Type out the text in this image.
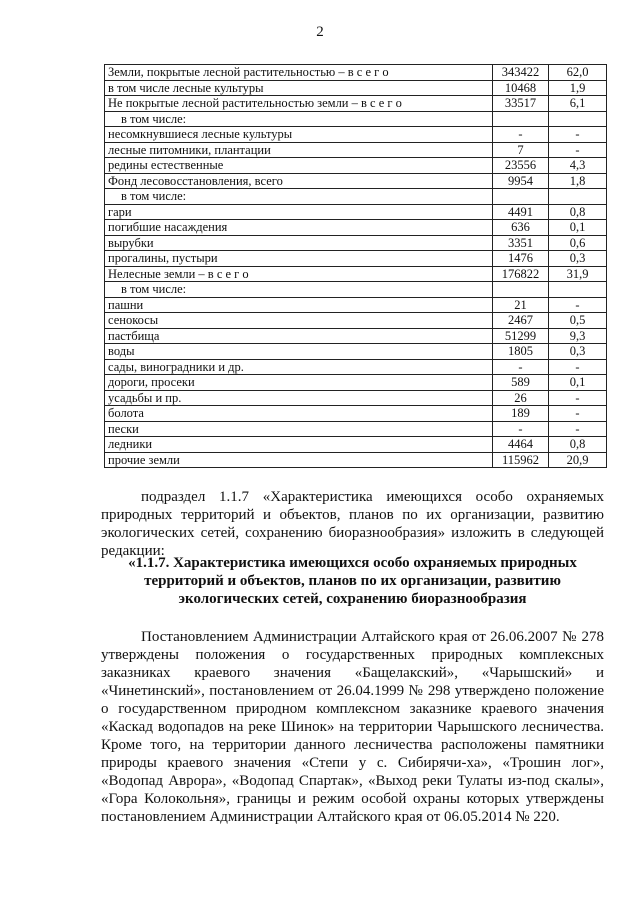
2
Земли, покрытые лесной растительностью – в с е г о	343422	62,0
в том числе лесные культуры	10468	1,9
Не покрытые лесной растительностью земли – в с е г о	33517	6,1
в том числе:		
несомкнувшиеся лесные культуры	-	-
лесные питомники, плантации	7	-
редины естественные	23556	4,3
Фонд лесовосстановления, всего	9954	1,8
в том числе:		
гари	4491	0,8
погибшие насаждения	636	0,1
вырубки	3351	0,6
прогалины, пустыри	1476	0,3
Нелесные земли – в с е г о	176822	31,9
в том числе:		
пашни	21	-
сенокосы	2467	0,5
пастбища	51299	9,3
воды	1805	0,3
сады, виноградники и др.	-	-
дороги, просеки	589	0,1
усадьбы и пр.	26	-
болота	189	-
пески	-	-
ледники	4464	0,8
прочие земли	115962	20,9

подраздел 1.1.7 «Характеристика имеющихся особо охраняемых природных территорий и объектов, планов по их организации, развитию экологических сетей, сохранению биоразнообразия» изложить в следующей редакции:

«1.1.7. Характеристика имеющихся особо охраняемых природных
территорий и объектов, планов по их организации, развитию
экологических сетей, сохранению биоразнообразия

Постановлением Администрации Алтайского края от 26.06.2007 № 278 утверждены положения о государственных природных комплексных заказниках краевого значения «Бащелакский», «Чарышский» и «Чинетинский», постановлением от 26.04.1999 № 298 утверждено положение о государственном природном комплексном заказнике краевого значения «Каскад водопадов на реке Шинок» на территории Чарышского лесничества. Кроме того, на территории данного лесничества расположены памятники природы краевого значения «Степи у с. Сибирячи-ха», «Трошин лог», «Водопад Аврора», «Водопад Спартак», «Выход реки Тулаты из-под скалы», «Гора Колокольня», границы и режим особой охраны которых утверждены постановлением Администрации Алтайского края от 06.05.2014 № 220.
